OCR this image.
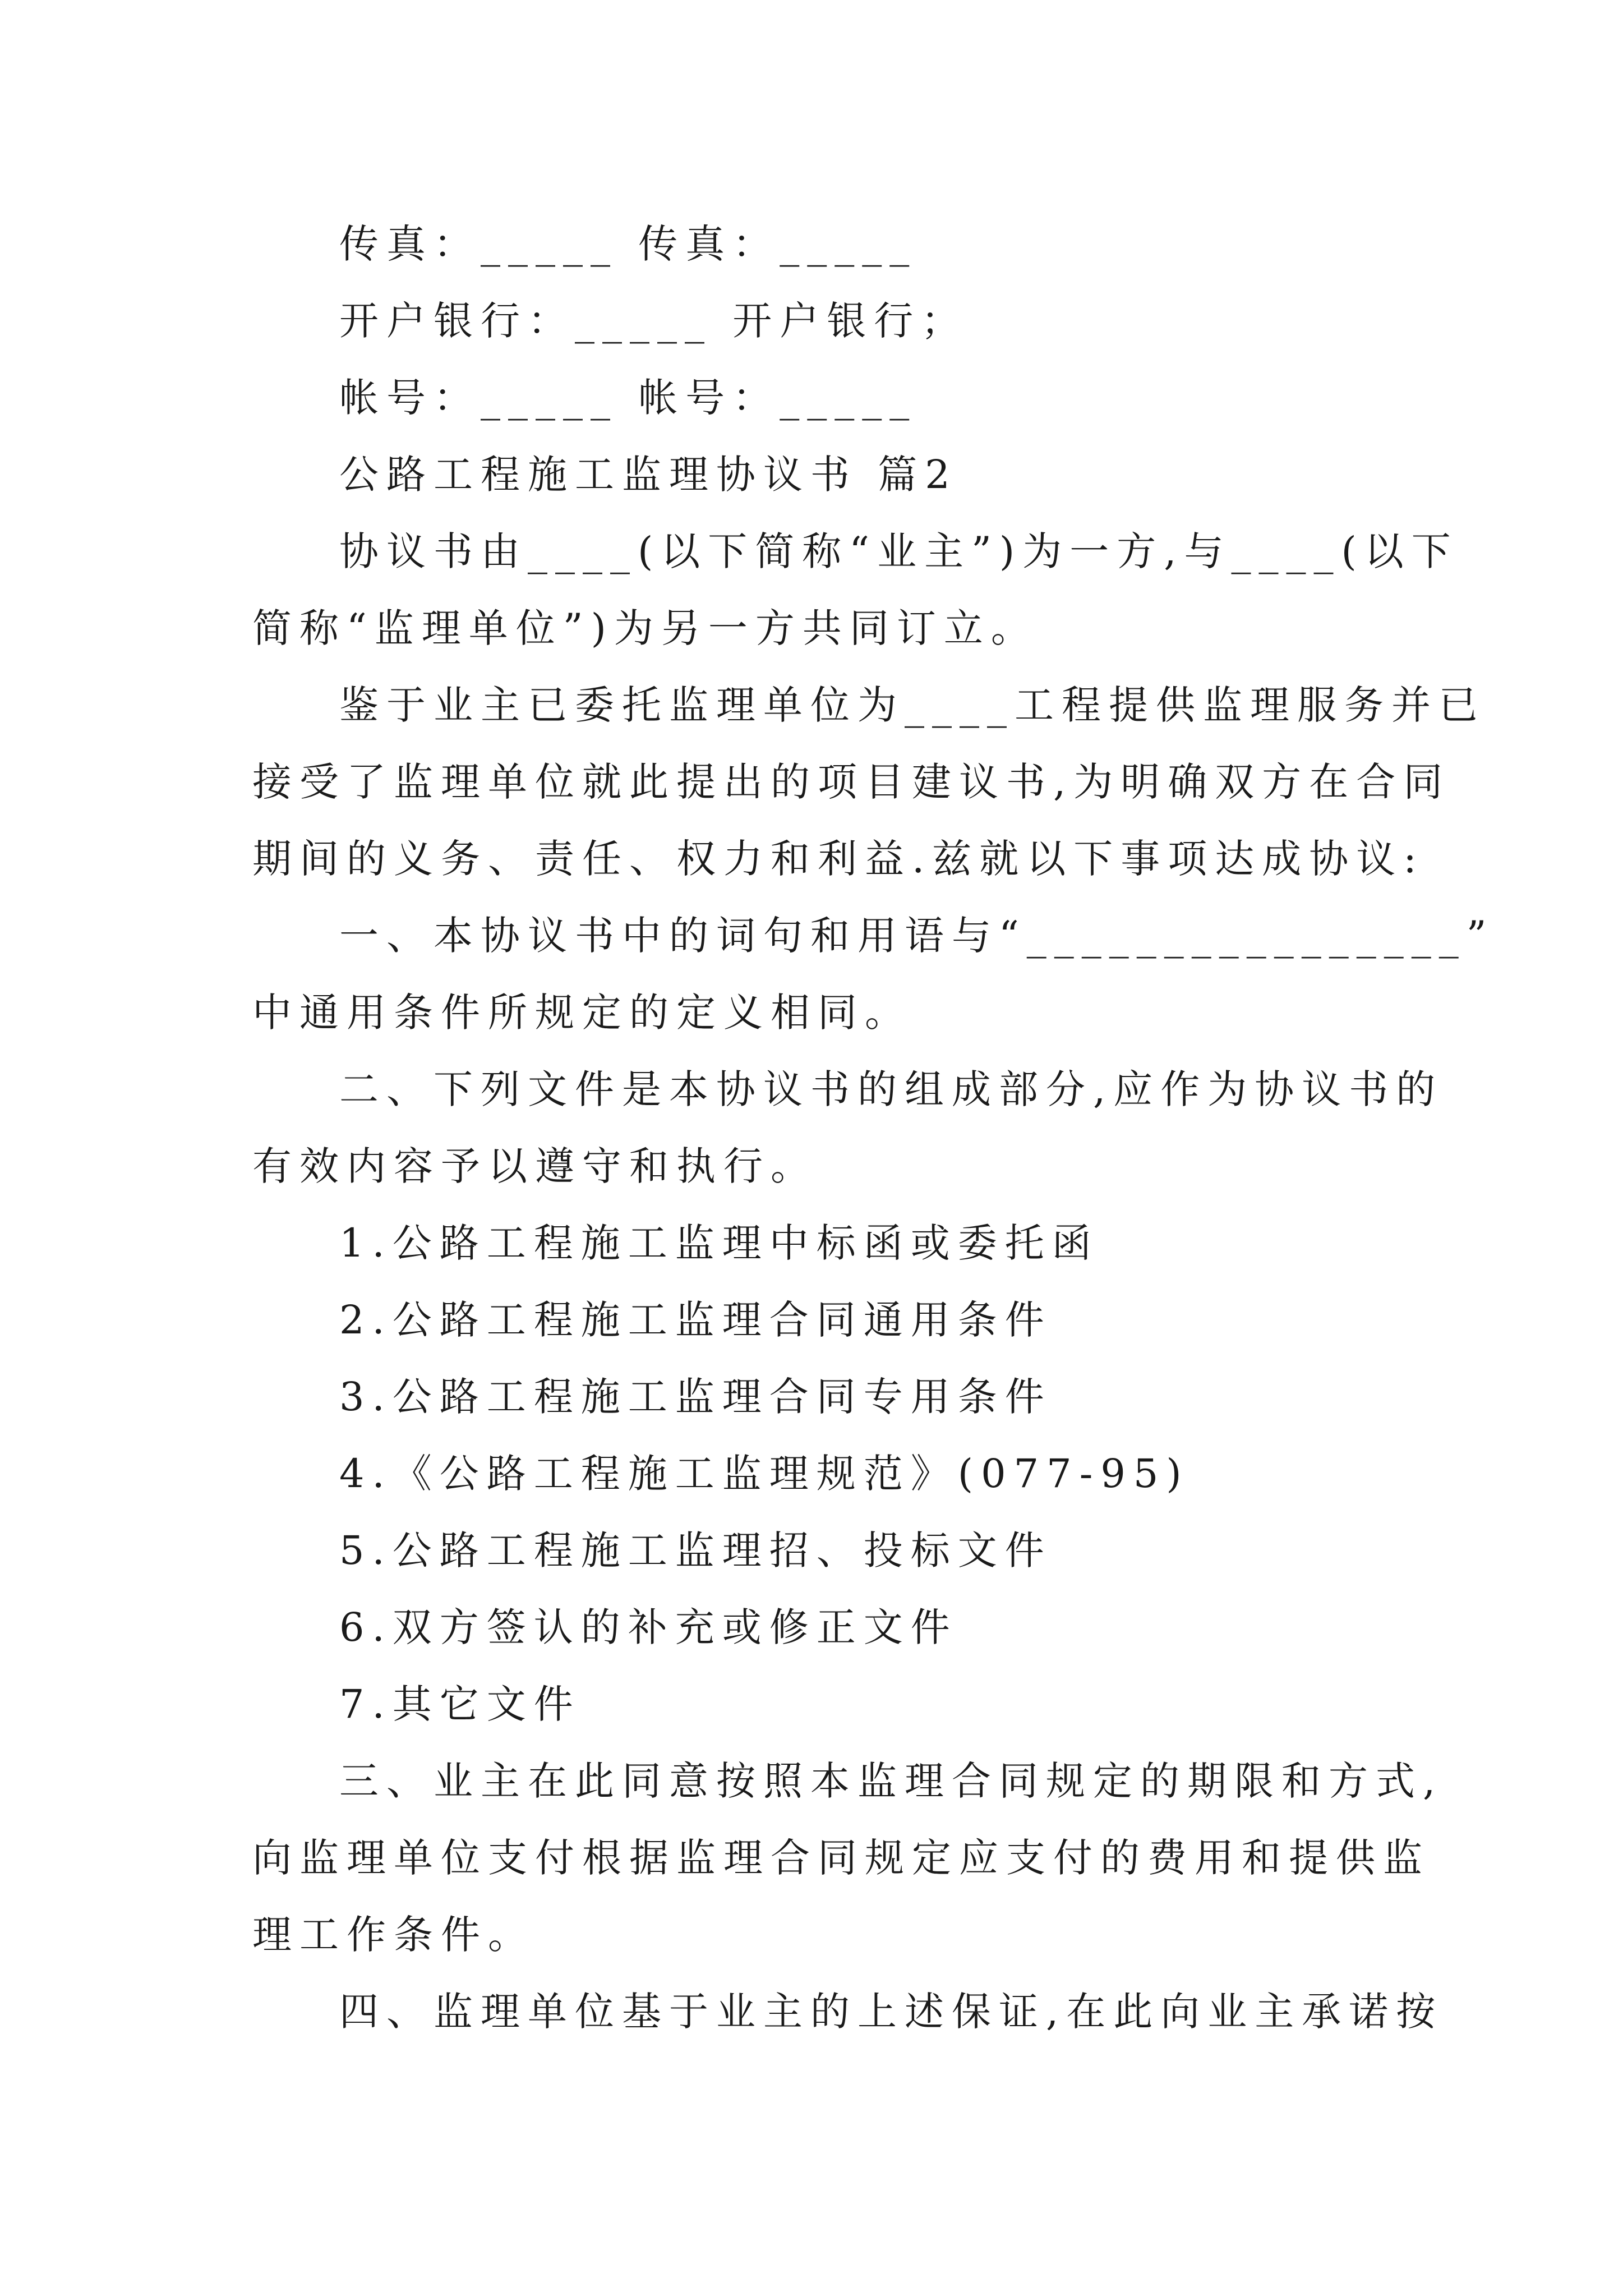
传真：_____ 传真：_____
开户银行：_____ 开户银行；
帐号：_____ 帐号：_____
公路工程施工监理协议书 篇2
协议书由____(以下简称“业主”)为一方,与____(以下
简称“监理单位”)为另一方共同订立。
鉴于业主已委托监理单位为____工程提供监理服务并已
接受了监理单位就此提出的项目建议书,为明确双方在合同
期间的义务、责任、权力和利益.兹就以下事项达成协议:
一、本协议书中的词句和用语与“________________”
中通用条件所规定的定义相同。
二、下列文件是本协议书的组成部分,应作为协议书的
有效内容予以遵守和执行。
1.公路工程施工监理中标函或委托函
2.公路工程施工监理合同通用条件
3.公路工程施工监理合同专用条件
4.《公路工程施工监理规范》(077-95)
5.公路工程施工监理招、投标文件
6.双方签认的补充或修正文件
7.其它文件
三、业主在此同意按照本监理合同规定的期限和方式,
向监理单位支付根据监理合同规定应支付的费用和提供监
理工作条件。
四、监理单位基于业主的上述保证,在此向业主承诺按
